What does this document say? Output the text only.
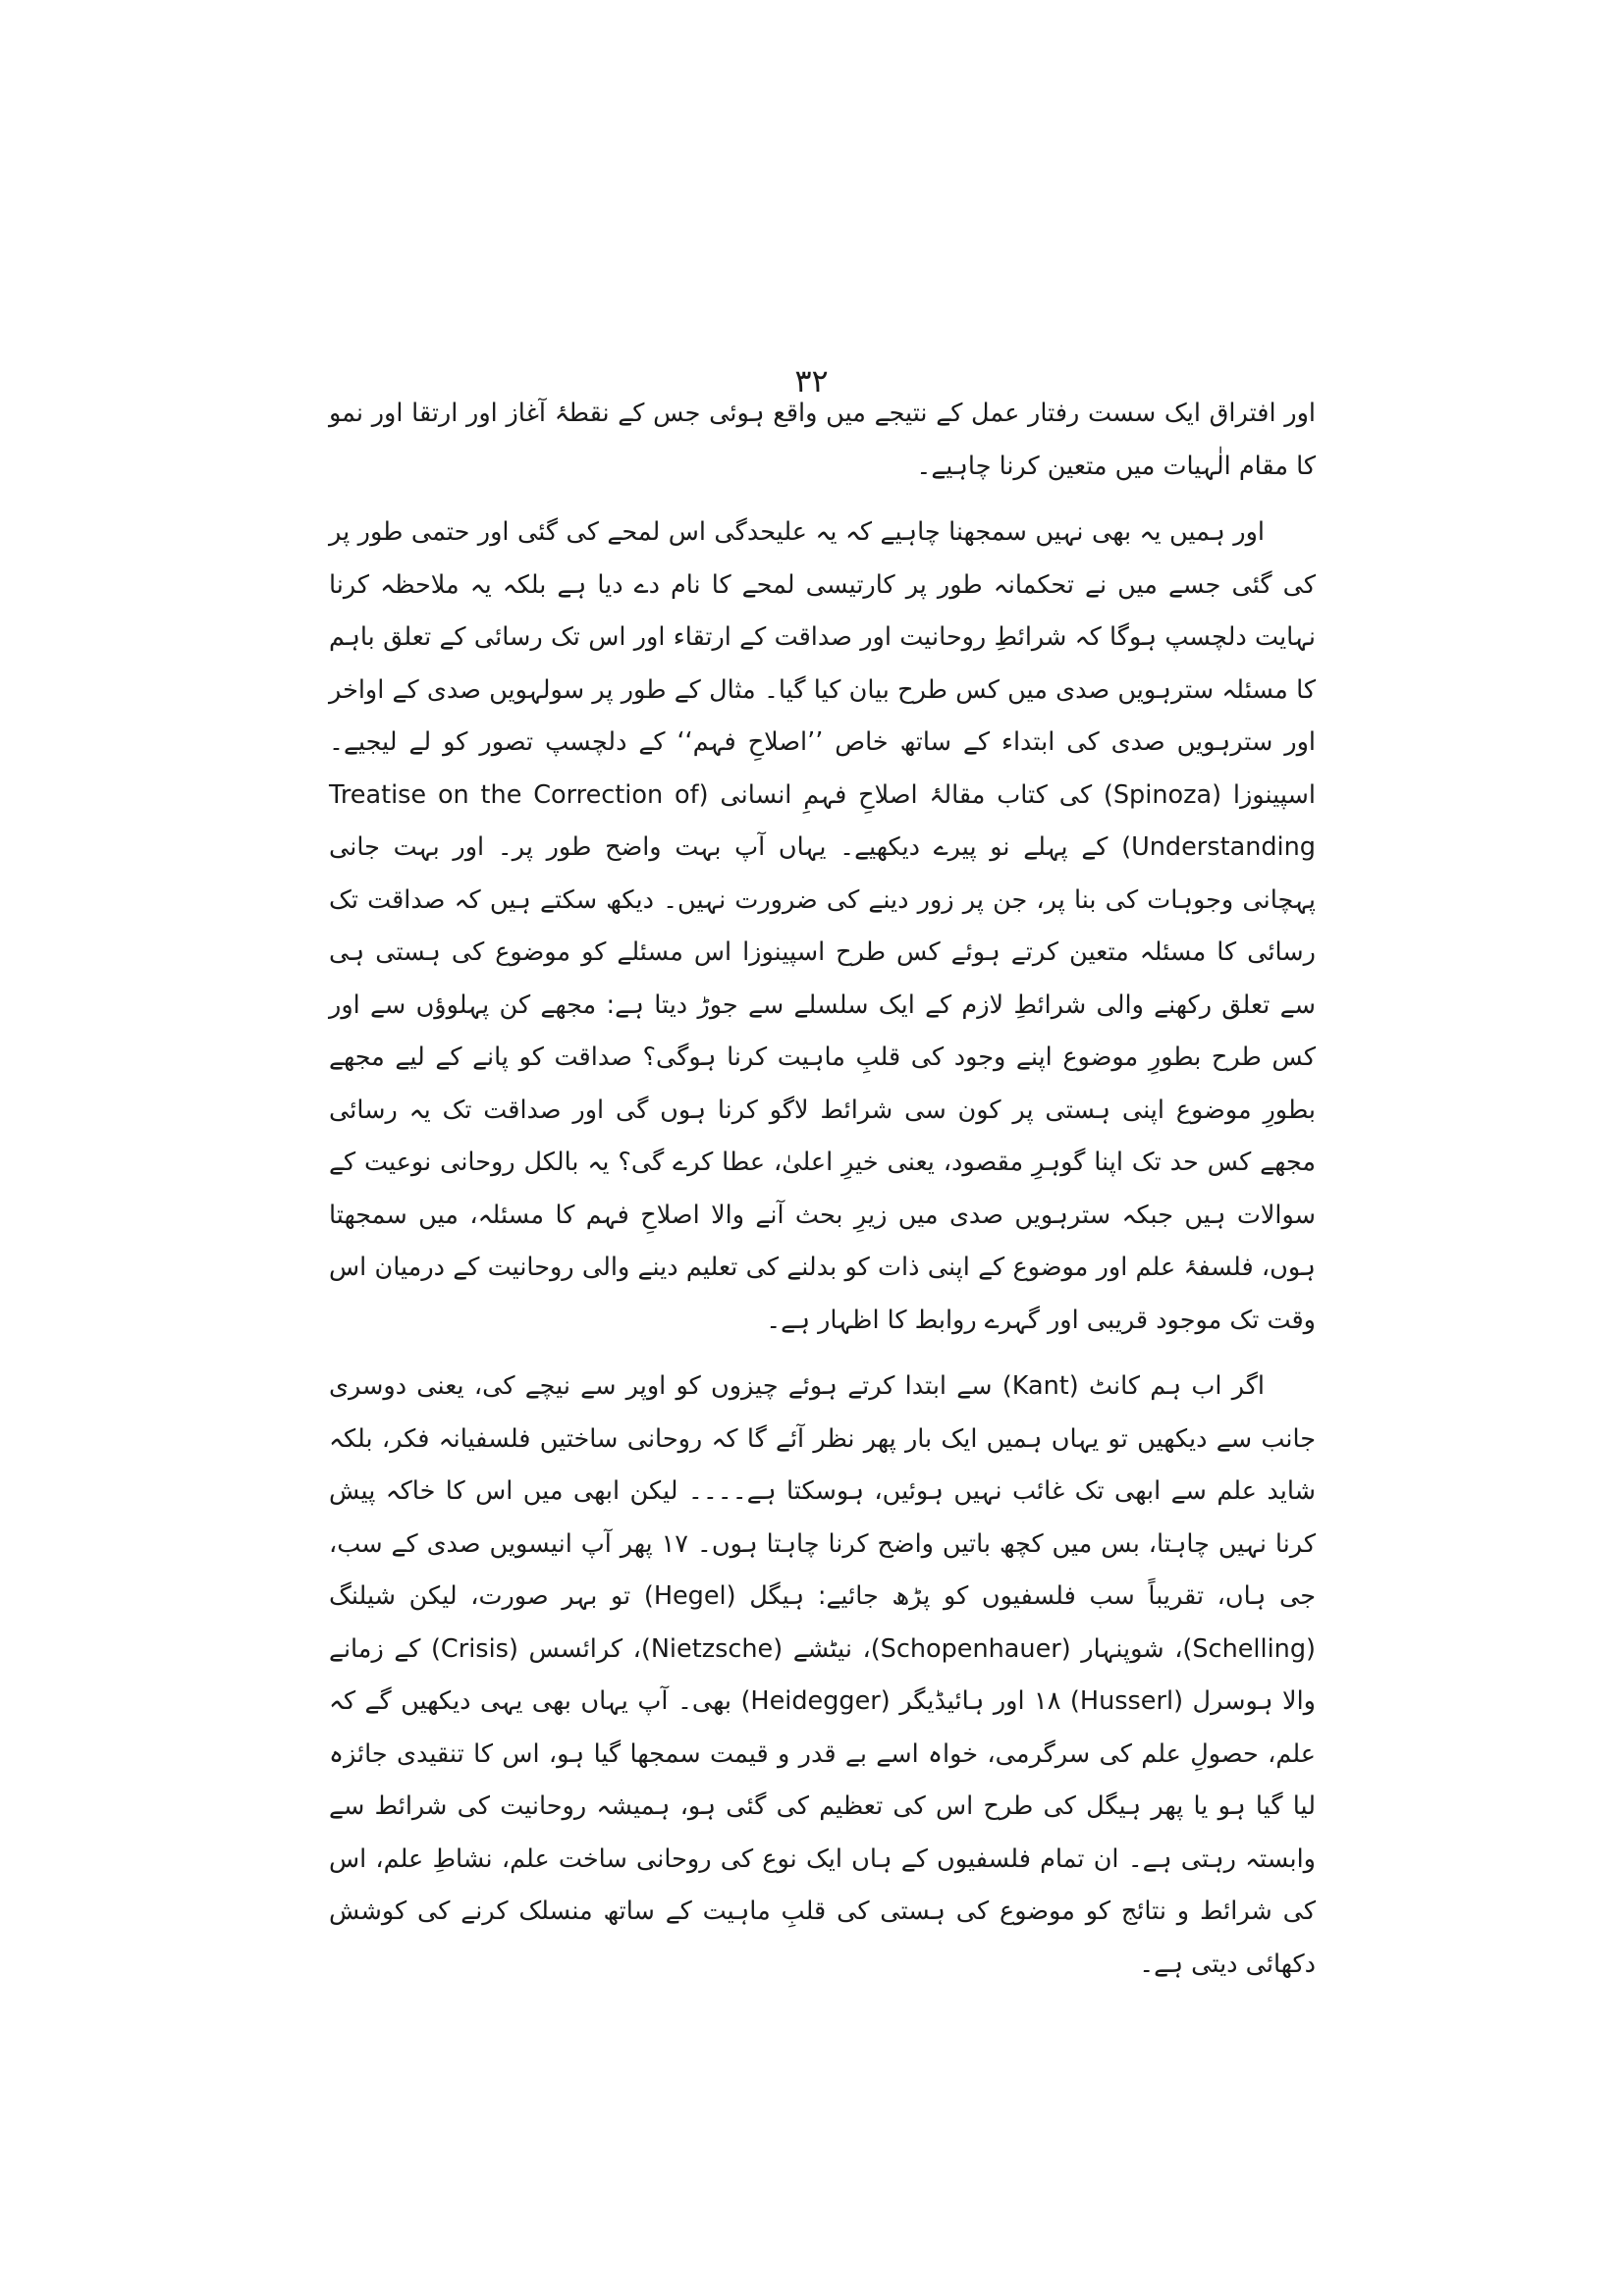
۳۲

اور افتراق ایک سست رفتار عمل کے نتیجے میں واقع ہوئی جس کے نقطۂ آغاز اور ارتقا اور نمو کا مقام الٰہیات میں متعین کرنا چاہیے۔

اور ہمیں یہ بھی نہیں سمجھنا چاہیے کہ یہ علیحدگی اس لمحے کی گئی اور حتمی طور پر کی گئی جسے میں نے تحکمانہ طور پر کارتیسی لمحے کا نام دے دیا ہے بلکہ یہ ملاحظہ کرنا نہایت دلچسپ ہوگا کہ شرائطِ روحانیت اور صداقت کے ارتقاء اور اس تک رسائی کے تعلق باہم کا مسئلہ سترہویں صدی میں کس طرح بیان کیا گیا۔ مثال کے طور پر سولہویں صدی کے اواخر اور سترہویں صدی کی ابتداء کے ساتھ خاص ’’اصلاحِ فہم‘‘ کے دلچسپ تصور کو لے لیجیے۔ اسپینوزا (Spinoza) کی کتاب مقالۂ اصلاحِ فہمِ انسانی (Treatise on the Correction of Understanding) کے پہلے نو پیرے دیکھیے۔ یہاں آپ بہت واضح طور پر۔ اور بہت جانی پہچانی وجوہات کی بنا پر، جن پر زور دینے کی ضرورت نہیں۔ دیکھ سکتے ہیں کہ صداقت تک رسائی کا مسئلہ متعین کرتے ہوئے کس طرح اسپینوزا اس مسئلے کو موضوع کی ہستی ہی سے تعلق رکھنے والی شرائطِ لازم کے ایک سلسلے سے جوڑ دیتا ہے: مجھے کن پہلوؤں سے اور کس طرح بطورِ موضوع اپنے وجود کی قلبِ ماہیت کرنا ہوگی؟ صداقت کو پانے کے لیے مجھے بطورِ موضوع اپنی ہستی پر کون سی شرائط لاگو کرنا ہوں گی اور صداقت تک یہ رسائی مجھے کس حد تک اپنا گوہرِ مقصود، یعنی خیرِ اعلیٰ، عطا کرے گی؟ یہ بالکل روحانی نوعیت کے سوالات ہیں جبکہ سترہویں صدی میں زیرِ بحث آنے والا اصلاحِ فہم کا مسئلہ، میں سمجھتا ہوں، فلسفۂ علم اور موضوع کے اپنی ذات کو بدلنے کی تعلیم دینے والی روحانیت کے درمیان اس وقت تک موجود قریبی اور گہرے روابط کا اظہار ہے۔

اگر اب ہم کانٹ (Kant) سے ابتدا کرتے ہوئے چیزوں کو اوپر سے نیچے کی، یعنی دوسری جانب سے دیکھیں تو یہاں ہمیں ایک بار پھر نظر آئے گا کہ روحانی ساختیں فلسفیانہ فکر، بلکہ شاید علم سے ابھی تک غائب نہیں ہوئیں، ہوسکتا ہے۔۔۔۔ لیکن ابھی میں اس کا خاکہ پیش کرنا نہیں چاہتا، بس میں کچھ باتیں واضح کرنا چاہتا ہوں۔ ۱۷ پھر آپ انیسویں صدی کے سب، جی ہاں، تقریباً سب فلسفیوں کو پڑھ جائیے: ہیگل (Hegel) تو بہر صورت، لیکن شیلنگ (Schelling)، شوپنہار (Schopenhauer)، نیٹشے (Nietzsche)، کرائسس (Crisis) کے زمانے والا ہوسرل (Husserl) ۱۸ اور ہائیڈیگر (Heidegger) بھی۔ آپ یہاں بھی یہی دیکھیں گے کہ علم، حصولِ علم کی سرگرمی، خواہ اسے بے قدر و قیمت سمجھا گیا ہو، اس کا تنقیدی جائزہ لیا گیا ہو یا پھر ہیگل کی طرح اس کی تعظیم کی گئی ہو، ہمیشہ روحانیت کی شرائط سے وابستہ رہتی ہے۔ ان تمام فلسفیوں کے ہاں ایک نوع کی روحانی ساخت علم، نشاطِ علم، اس کی شرائط و نتائج کو موضوع کی ہستی کی قلبِ ماہیت کے ساتھ منسلک کرنے کی کوشش دکھائی دیتی ہے۔
